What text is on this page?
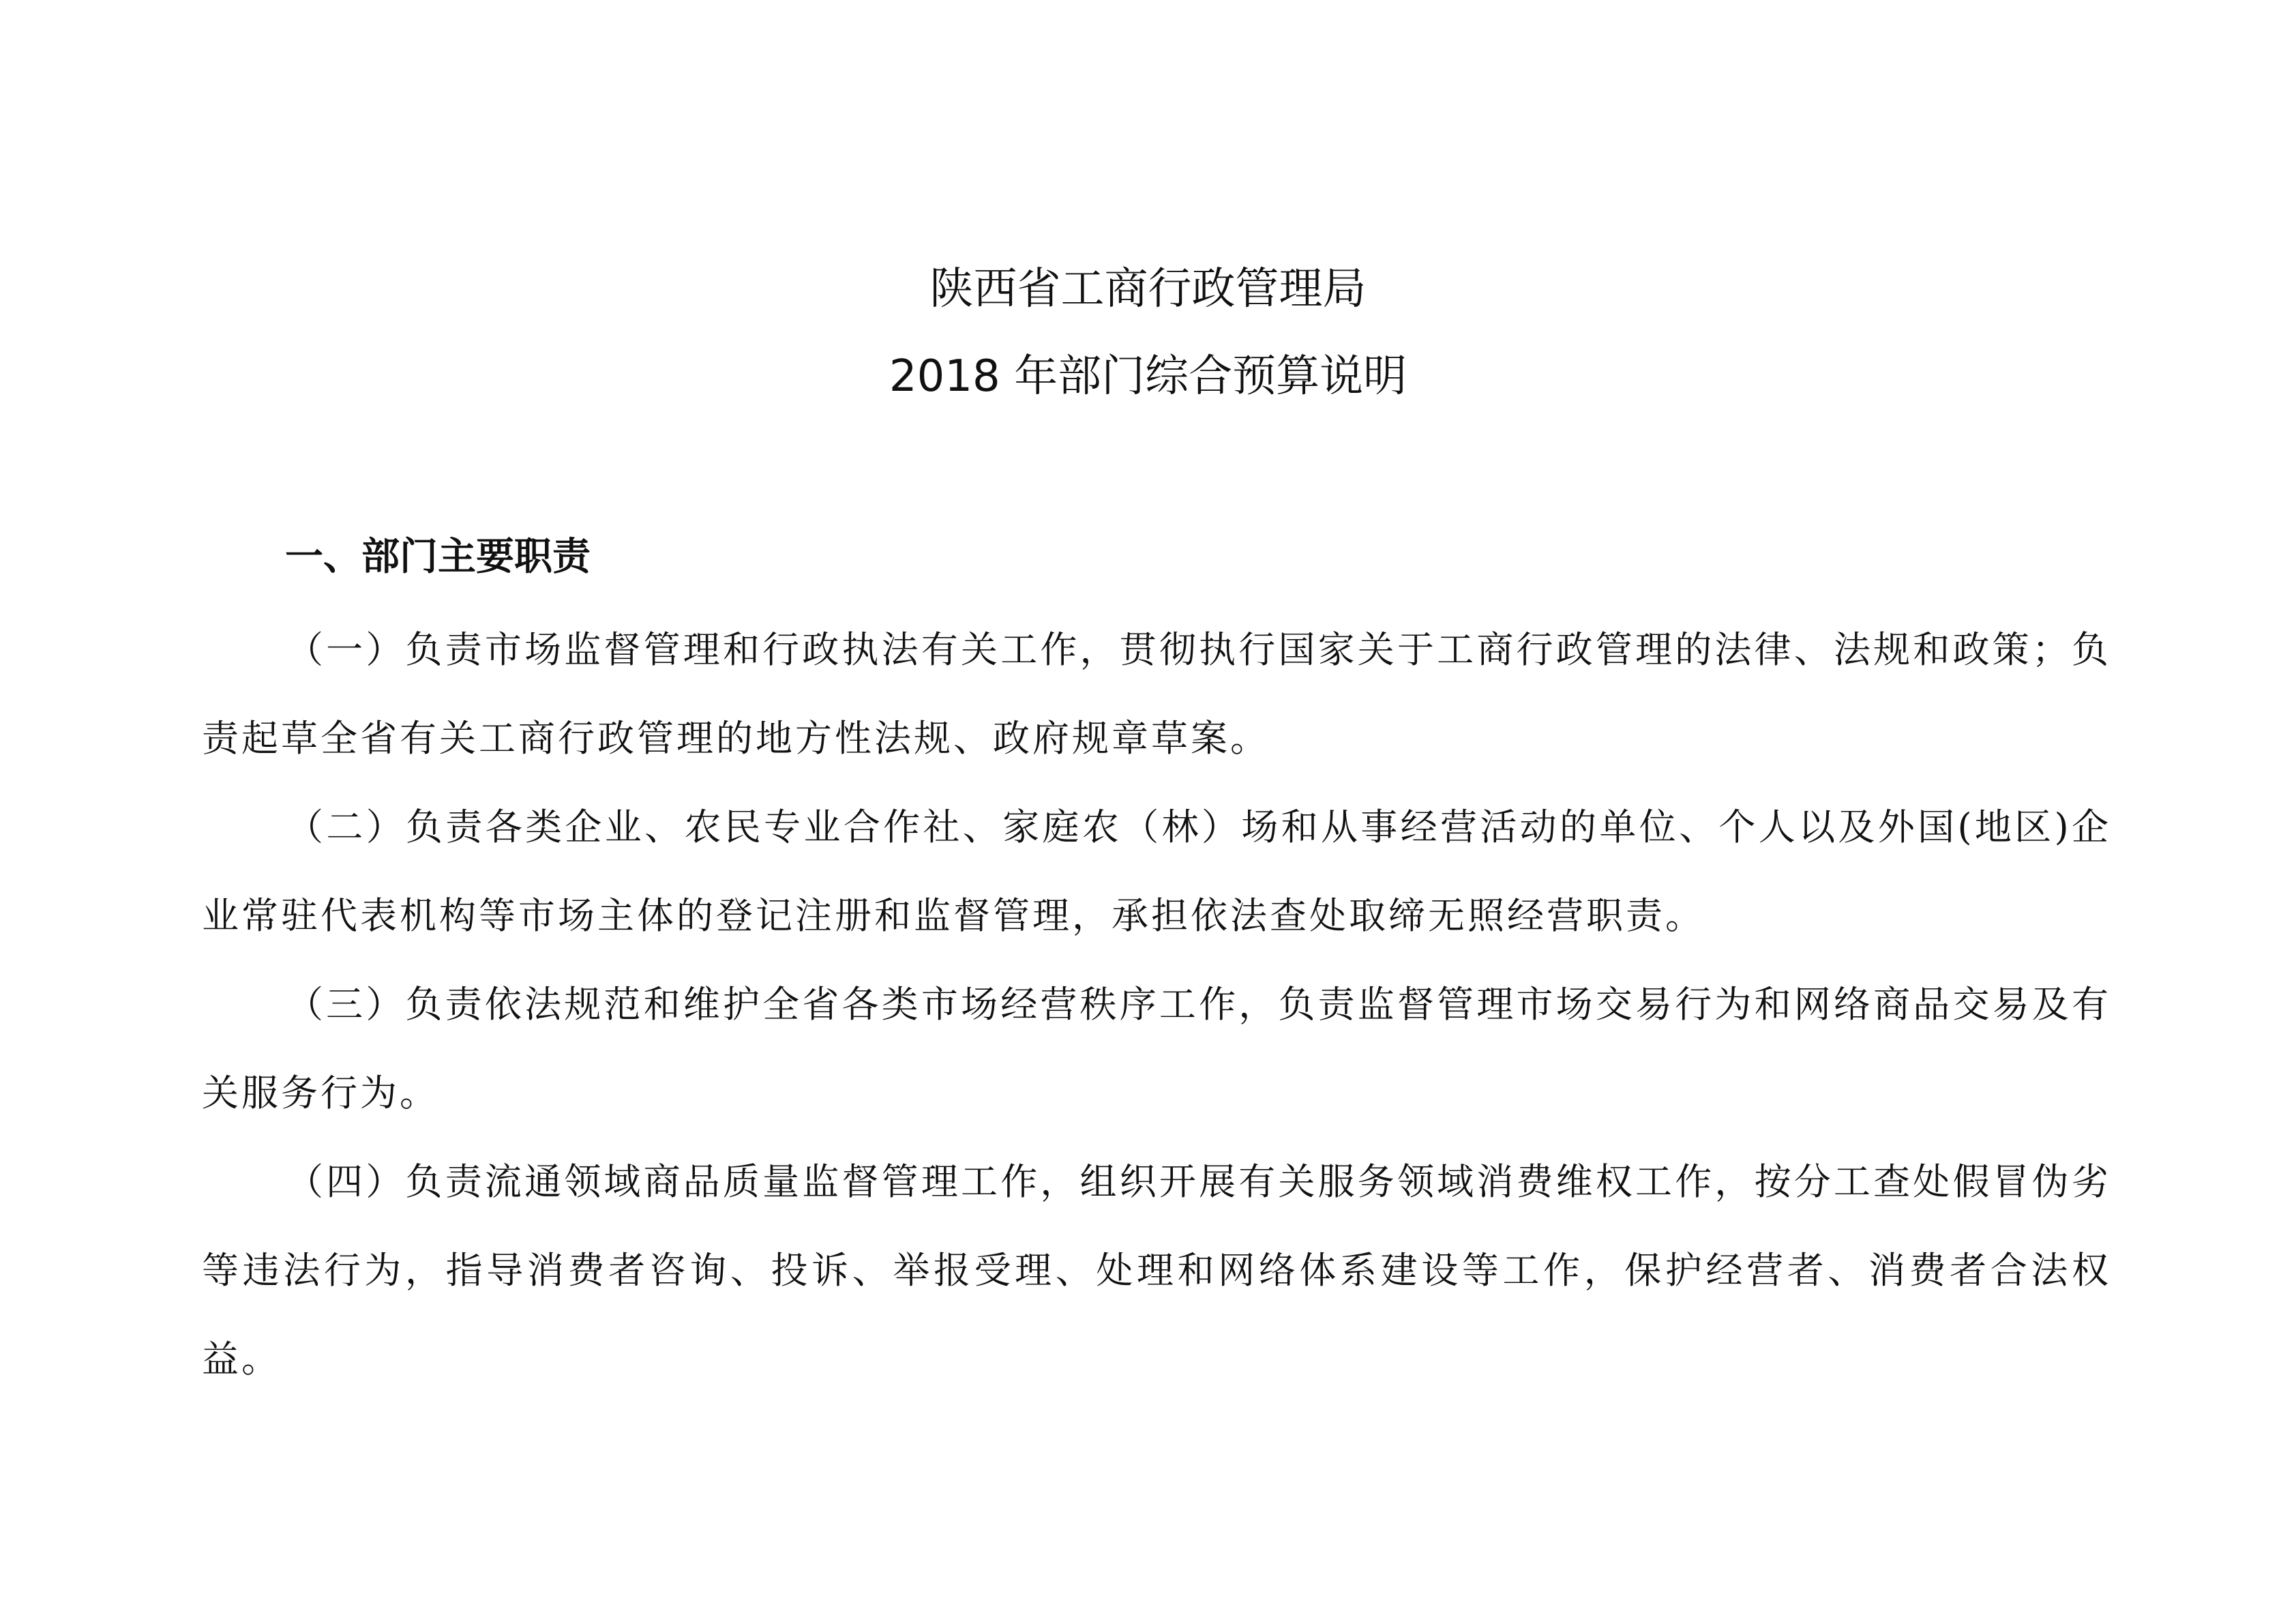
陕西省工商行政管理局
2018 年部门综合预算说明
一、部门主要职责

（一）负责市场监督管理和行政执法有关工作，贯彻执行国家关于工商行政管理的法律、法规和政策；负责起草全省有关工商行政管理的地方性法规、政府规章草案。

（二）负责各类企业、农民专业合作社、家庭农（林）场和从事经营活动的单位、个人以及外国(地区)企业常驻代表机构等市场主体的登记注册和监督管理，承担依法查处取缔无照经营职责。

（三）负责依法规范和维护全省各类市场经营秩序工作，负责监督管理市场交易行为和网络商品交易及有关服务行为。

（四）负责流通领域商品质量监督管理工作，组织开展有关服务领域消费维权工作，按分工查处假冒伪劣等违法行为，指导消费者咨询、投诉、举报受理、处理和网络体系建设等工作，保护经营者、消费者合法权益。
